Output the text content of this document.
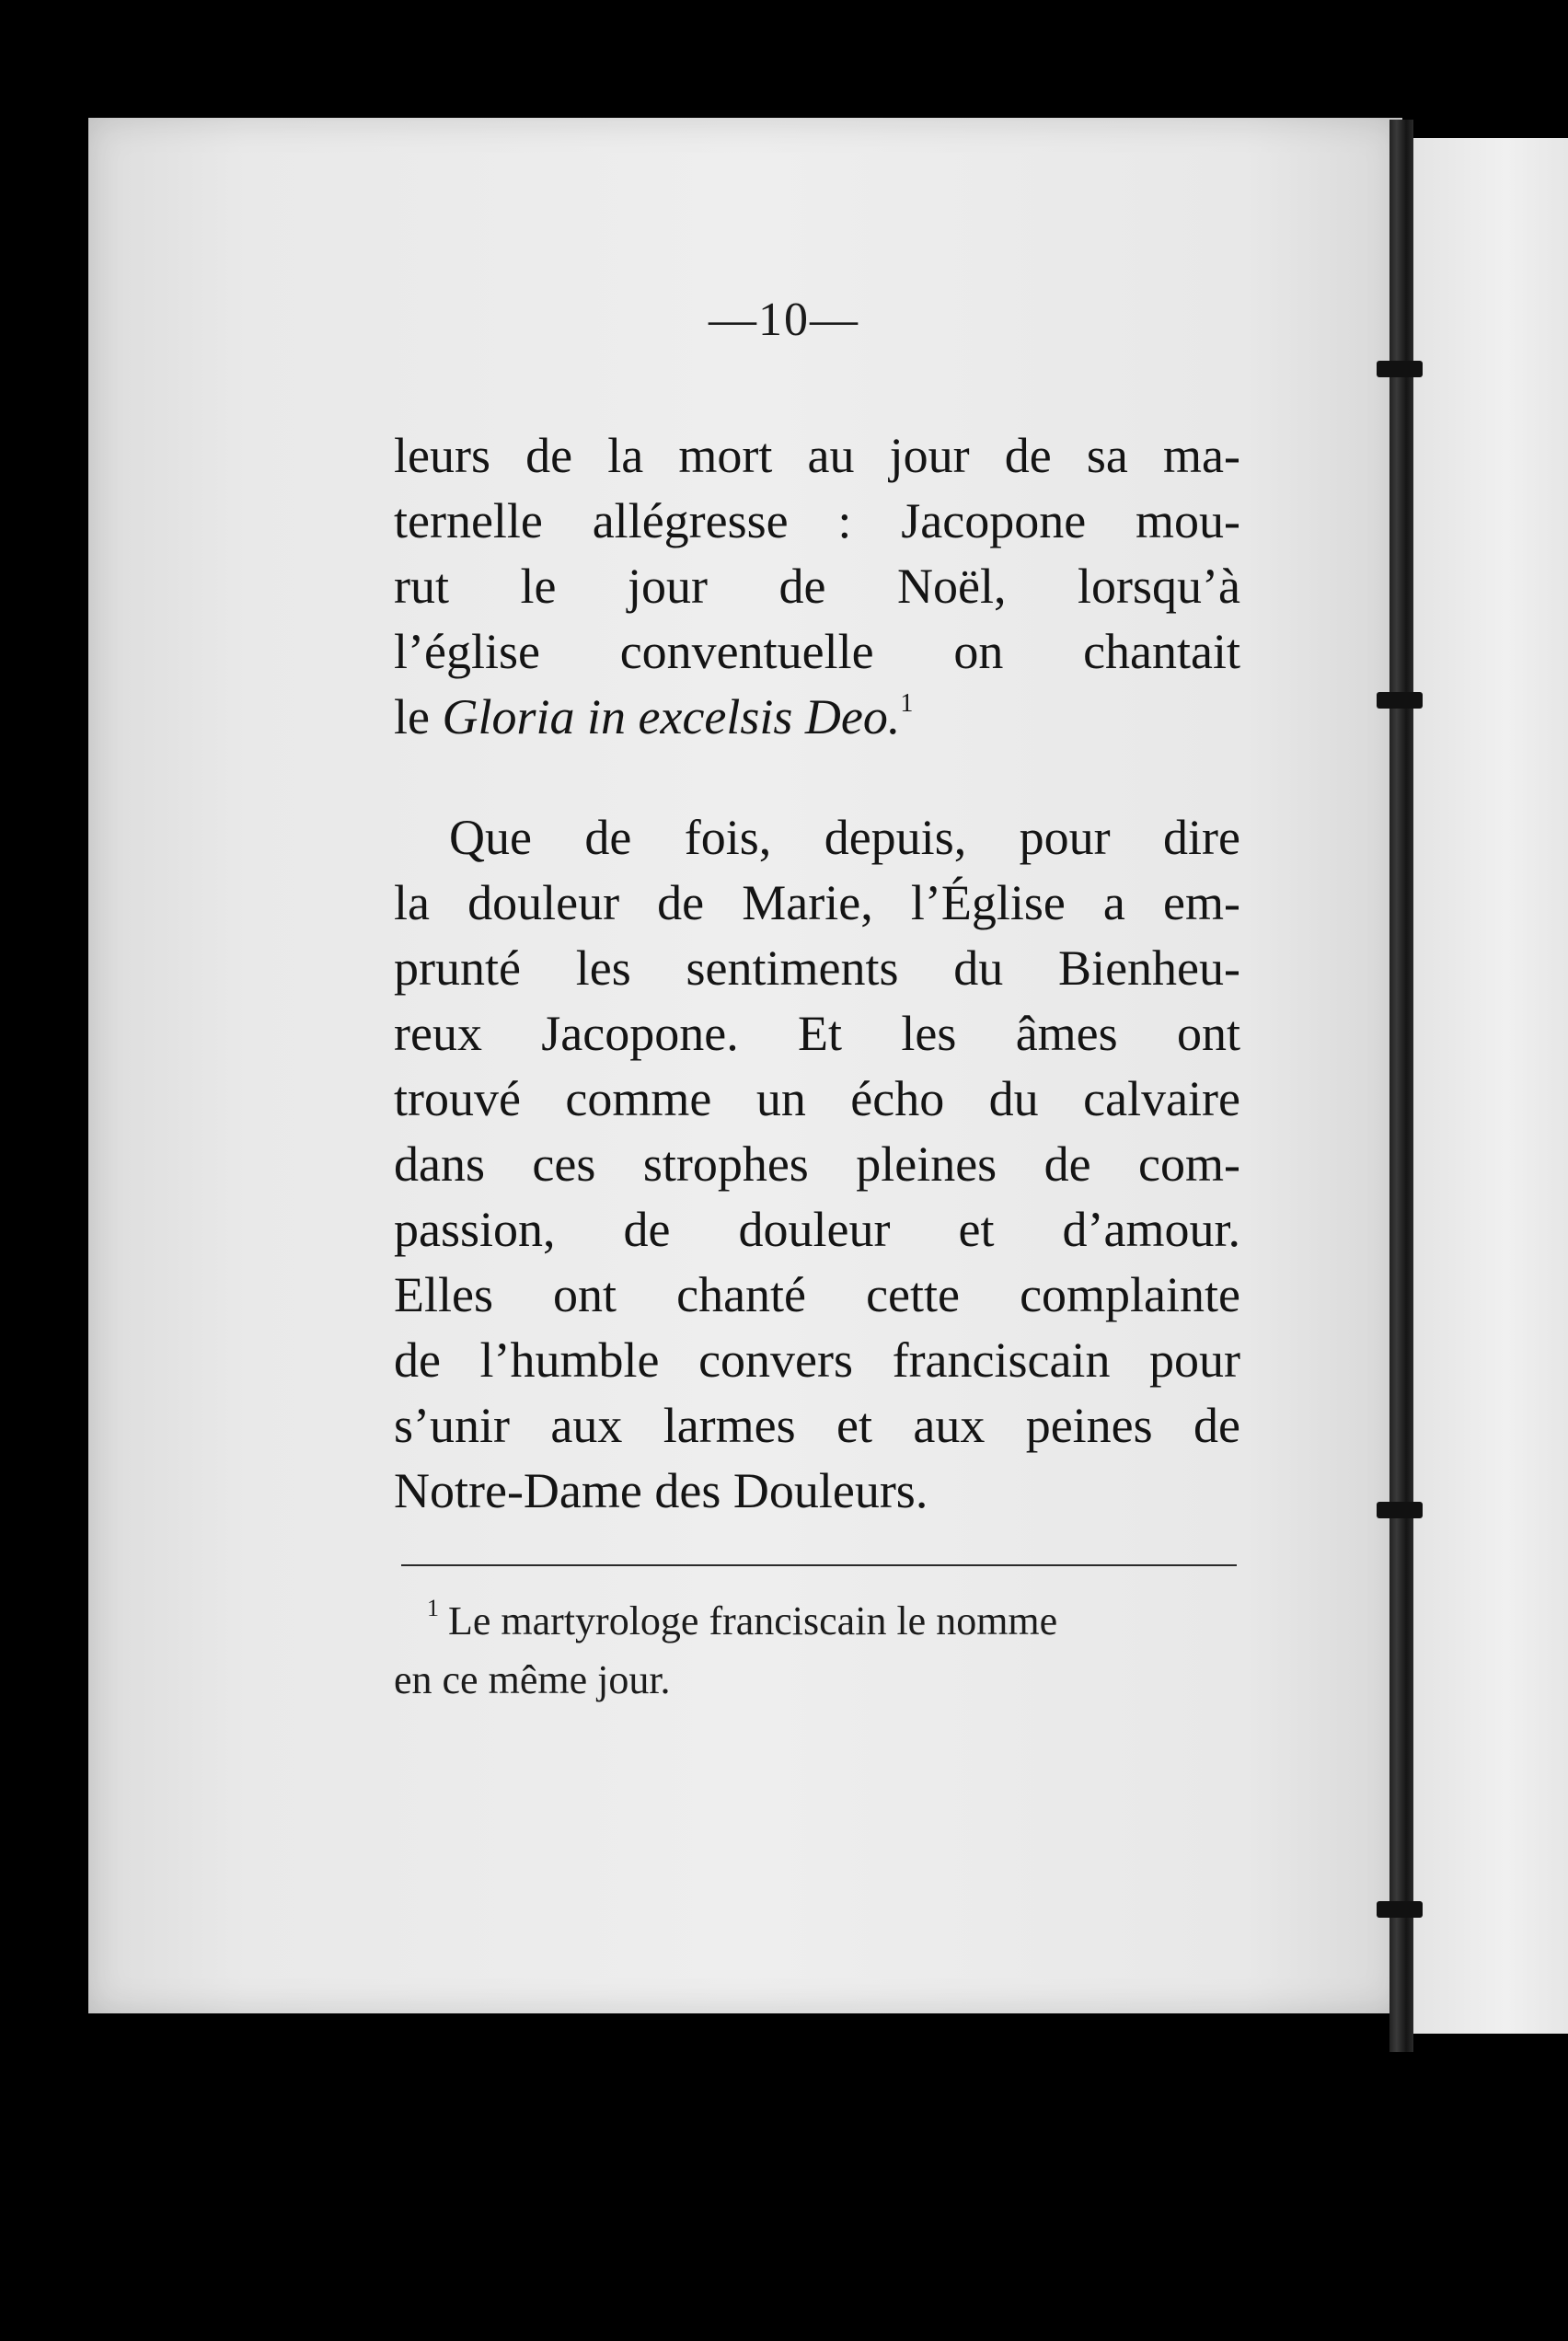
—10—
leurs de la mort au jour de sa ma-
ternelle allégresse : Jacopone mou-
rut le jour de Noël, lorsqu’à
l’église conventuelle on chantait
le Gloria in excelsis Deo.$^1$
Que de fois, depuis, pour dire
la douleur de Marie, l’Église a em-
prunté les sentiments du Bienheu-
reux Jacopone. Et les âmes ont
trouvé comme un écho du calvaire
dans ces strophes pleines de com-
passion, de douleur et d’amour.
Elles ont chanté cette complainte
de l’humble convers franciscain pour
s’unir aux larmes et aux peines de
Notre-Dame des Douleurs.
$^1$ Le martyrologe franciscain le nomme
en ce même jour.
